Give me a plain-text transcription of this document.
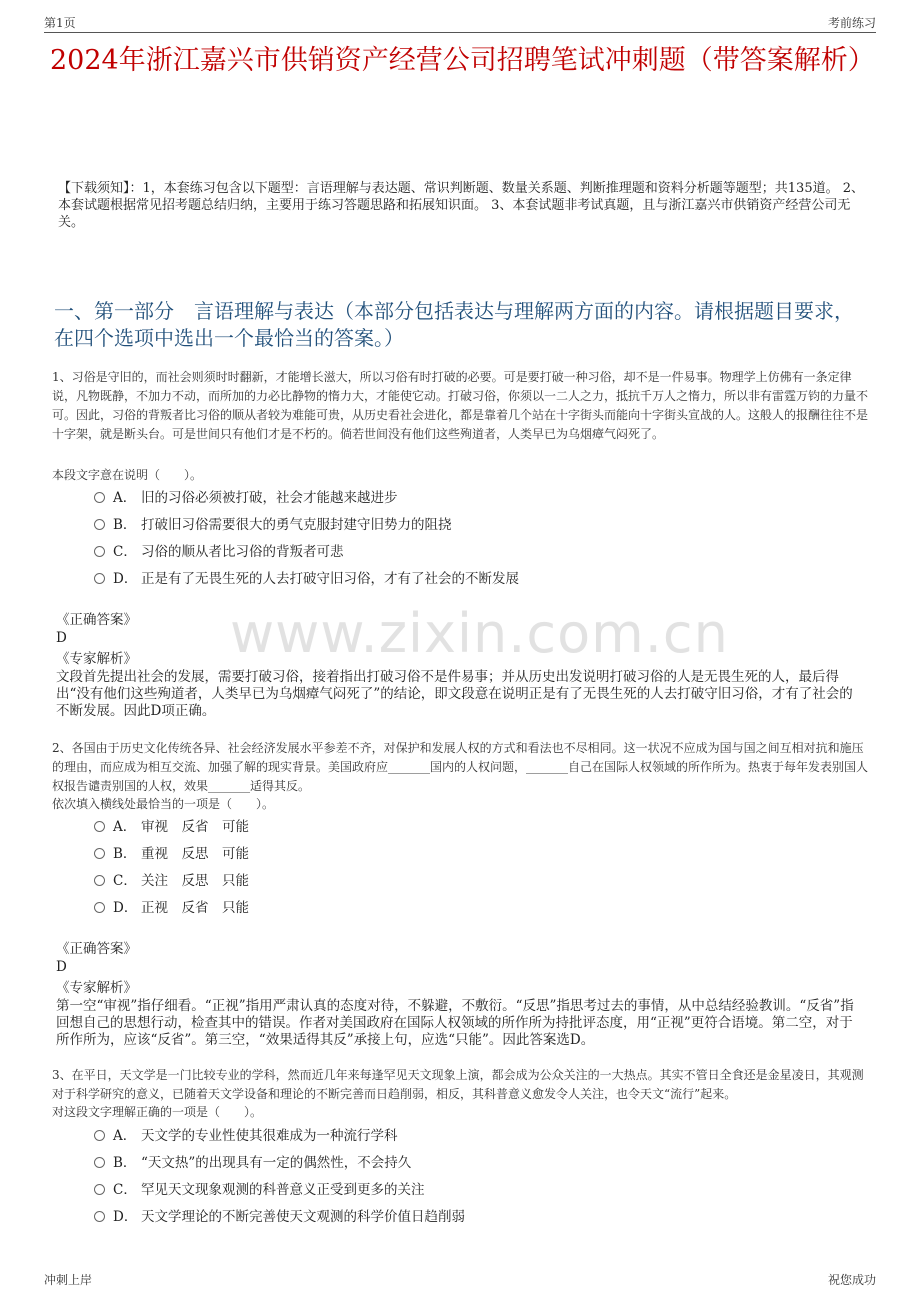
第1页	考前练习
www.zixin.com.cn
2024年浙江嘉兴市供销资产经营公司招聘笔试冲刺题（带答案解析）
【下载须知】：1，本套练习包含以下题型：言语理解与表达题、常识判断题、数量关系题、判断推理题和资料分析题等题型；共135道。 2、本套试题根据常见招考题总结归纳，主要用于练习答题思路和拓展知识面。 3、本套试题非考试真题，且与浙江嘉兴市供销资产经营公司无关。
一、第一部分　言语理解与表达（本部分包括表达与理解两方面的内容。请根据题目要求，在四个选项中选出一个最恰当的答案。）
1、习俗是守旧的，而社会则须时时翻新，才能增长滋大，所以习俗有时打破的必要。可是要打破一种习俗，却不是一件易事。物理学上仿佛有一条定律说，凡物既静，不加力不动，而所加的力必比静物的惰力大，才能使它动。打破习俗，你须以一二人之力，抵抗千万人之惰力，所以非有雷霆万钧的力量不可。因此，习俗的背叛者比习俗的顺从者较为难能可贵，从历史看社会进化，都是靠着几个站在十字街头而能向十字街头宣战的人。这般人的报酬往往不是十字架，就是断头台。可是世间只有他们才是不朽的。倘若世间没有他们这些殉道者，人类早已为乌烟瘴气闷死了。
本段文字意在说明（　　）。
A． 旧的习俗必须被打破，社会才能越来越进步
B． 打破旧习俗需要很大的勇气克服封建守旧势力的阻挠
C． 习俗的顺从者比习俗的背叛者可悲
D． 正是有了无畏生死的人去打破守旧习俗，才有了社会的不断发展
《正确答案》
D
《专家解析》
文段首先提出社会的发展，需要打破习俗，接着指出打破习俗不是件易事；并从历史出发说明打破习俗的人是无畏生死的人，最后得出“没有他们这些殉道者，人类早已为乌烟瘴气闷死了”的结论，即文段意在说明正是有了无畏生死的人去打破守旧习俗，才有了社会的不断发展。因此D项正确。
2、各国由于历史文化传统各异、社会经济发展水平参差不齐，对保护和发展人权的方式和看法也不尽相同。这一状况不应成为国与国之间互相对抗和施压的理由，而应成为相互交流、加强了解的现实背景。美国政府应_______国内的人权问题，_______自己在国际人权领域的所作所为。热衷于每年发表别国人权报告谴责别国的人权，效果_______适得其反。
依次填入横线处最恰当的一项是（　　）。
A． 审视　反省　可能
B． 重视　反思　可能
C． 关注　反思　只能
D． 正视　反省　只能
《正确答案》
D
《专家解析》
第一空“审视”指仔细看。“正视”指用严肃认真的态度对待，不躲避，不敷衍。“反思”指思考过去的事情，从中总结经验教训。“反省”指回想自己的思想行动，检查其中的错误。作者对美国政府在国际人权领域的所作所为持批评态度，用“正视”更符合语境。第二空，对于所作所为，应该“反省”。第三空，“效果适得其反”承接上句，应选“只能”。因此答案选D。
3、在平日，天文学是一门比较专业的学科，然而近几年来每逢罕见天文现象上演，都会成为公众关注的一大热点。其实不管日全食还是金星凌日，其观测对于科学研究的意义，已随着天文学设备和理论的不断完善而日趋削弱，相反，其科普意义愈发令人关注，也令天文“流行”起来。
对这段文字理解正确的一项是（　　）。
A． 天文学的专业性使其很难成为一种流行学科
B． “天文热”的出现具有一定的偶然性，不会持久
C． 罕见天文现象观测的科普意义正受到更多的关注
D． 天文学理论的不断完善使天文观测的科学价值日趋削弱
冲刺上岸	祝您成功
